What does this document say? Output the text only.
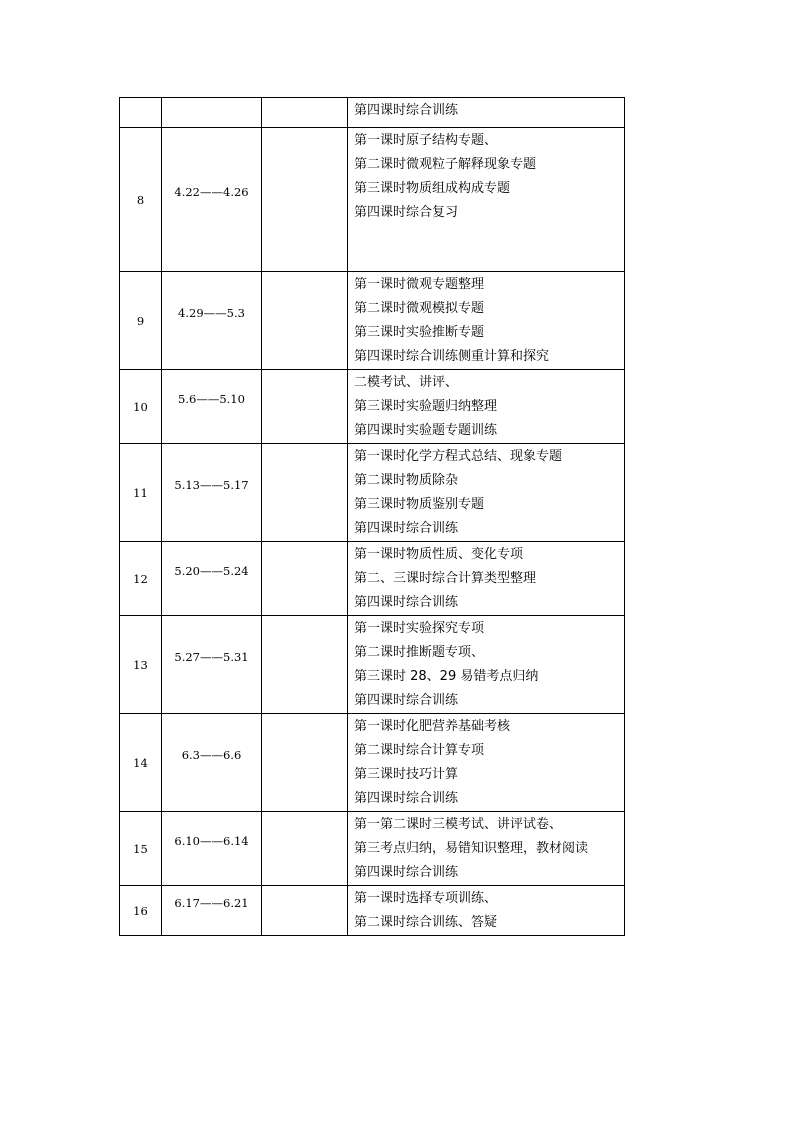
			第四课时综合训练

8	4.22——4.26		第一课时原子结构专题、
第二课时微观粒子解释现象专题
第三课时物质组成构成专题
第四课时综合复习

9	4.29——5.3		第一课时微观专题整理
第二课时微观模拟专题
第三课时实验推断专题
第四课时综合训练侧重计算和探究

10	5.6——5.10		二模考试、讲评、
第三课时实验题归纳整理
第四课时实验题专题训练

11	5.13——5.17		第一课时化学方程式总结、现象专题
第二课时物质除杂
第三课时物质鉴别专题
第四课时综合训练

12	5.20——5.24		第一课时物质性质、变化专项
第二、三课时综合计算类型整理
第四课时综合训练

13	5.27——5.31		第一课时实验探究专项
第二课时推断题专项、
第三课时 28、29 易错考点归纳
第四课时综合训练

14	6.3——6.6		第一课时化肥营养基础考核
第二课时综合计算专项
第三课时技巧计算
第四课时综合训练

15	6.10——6.14		第一第二课时三模考试、讲评试卷、
第三考点归纳，易错知识整理，教材阅读
第四课时综合训练

16	6.17——6.21		第一课时选择专项训练、
第二课时综合训练、答疑
